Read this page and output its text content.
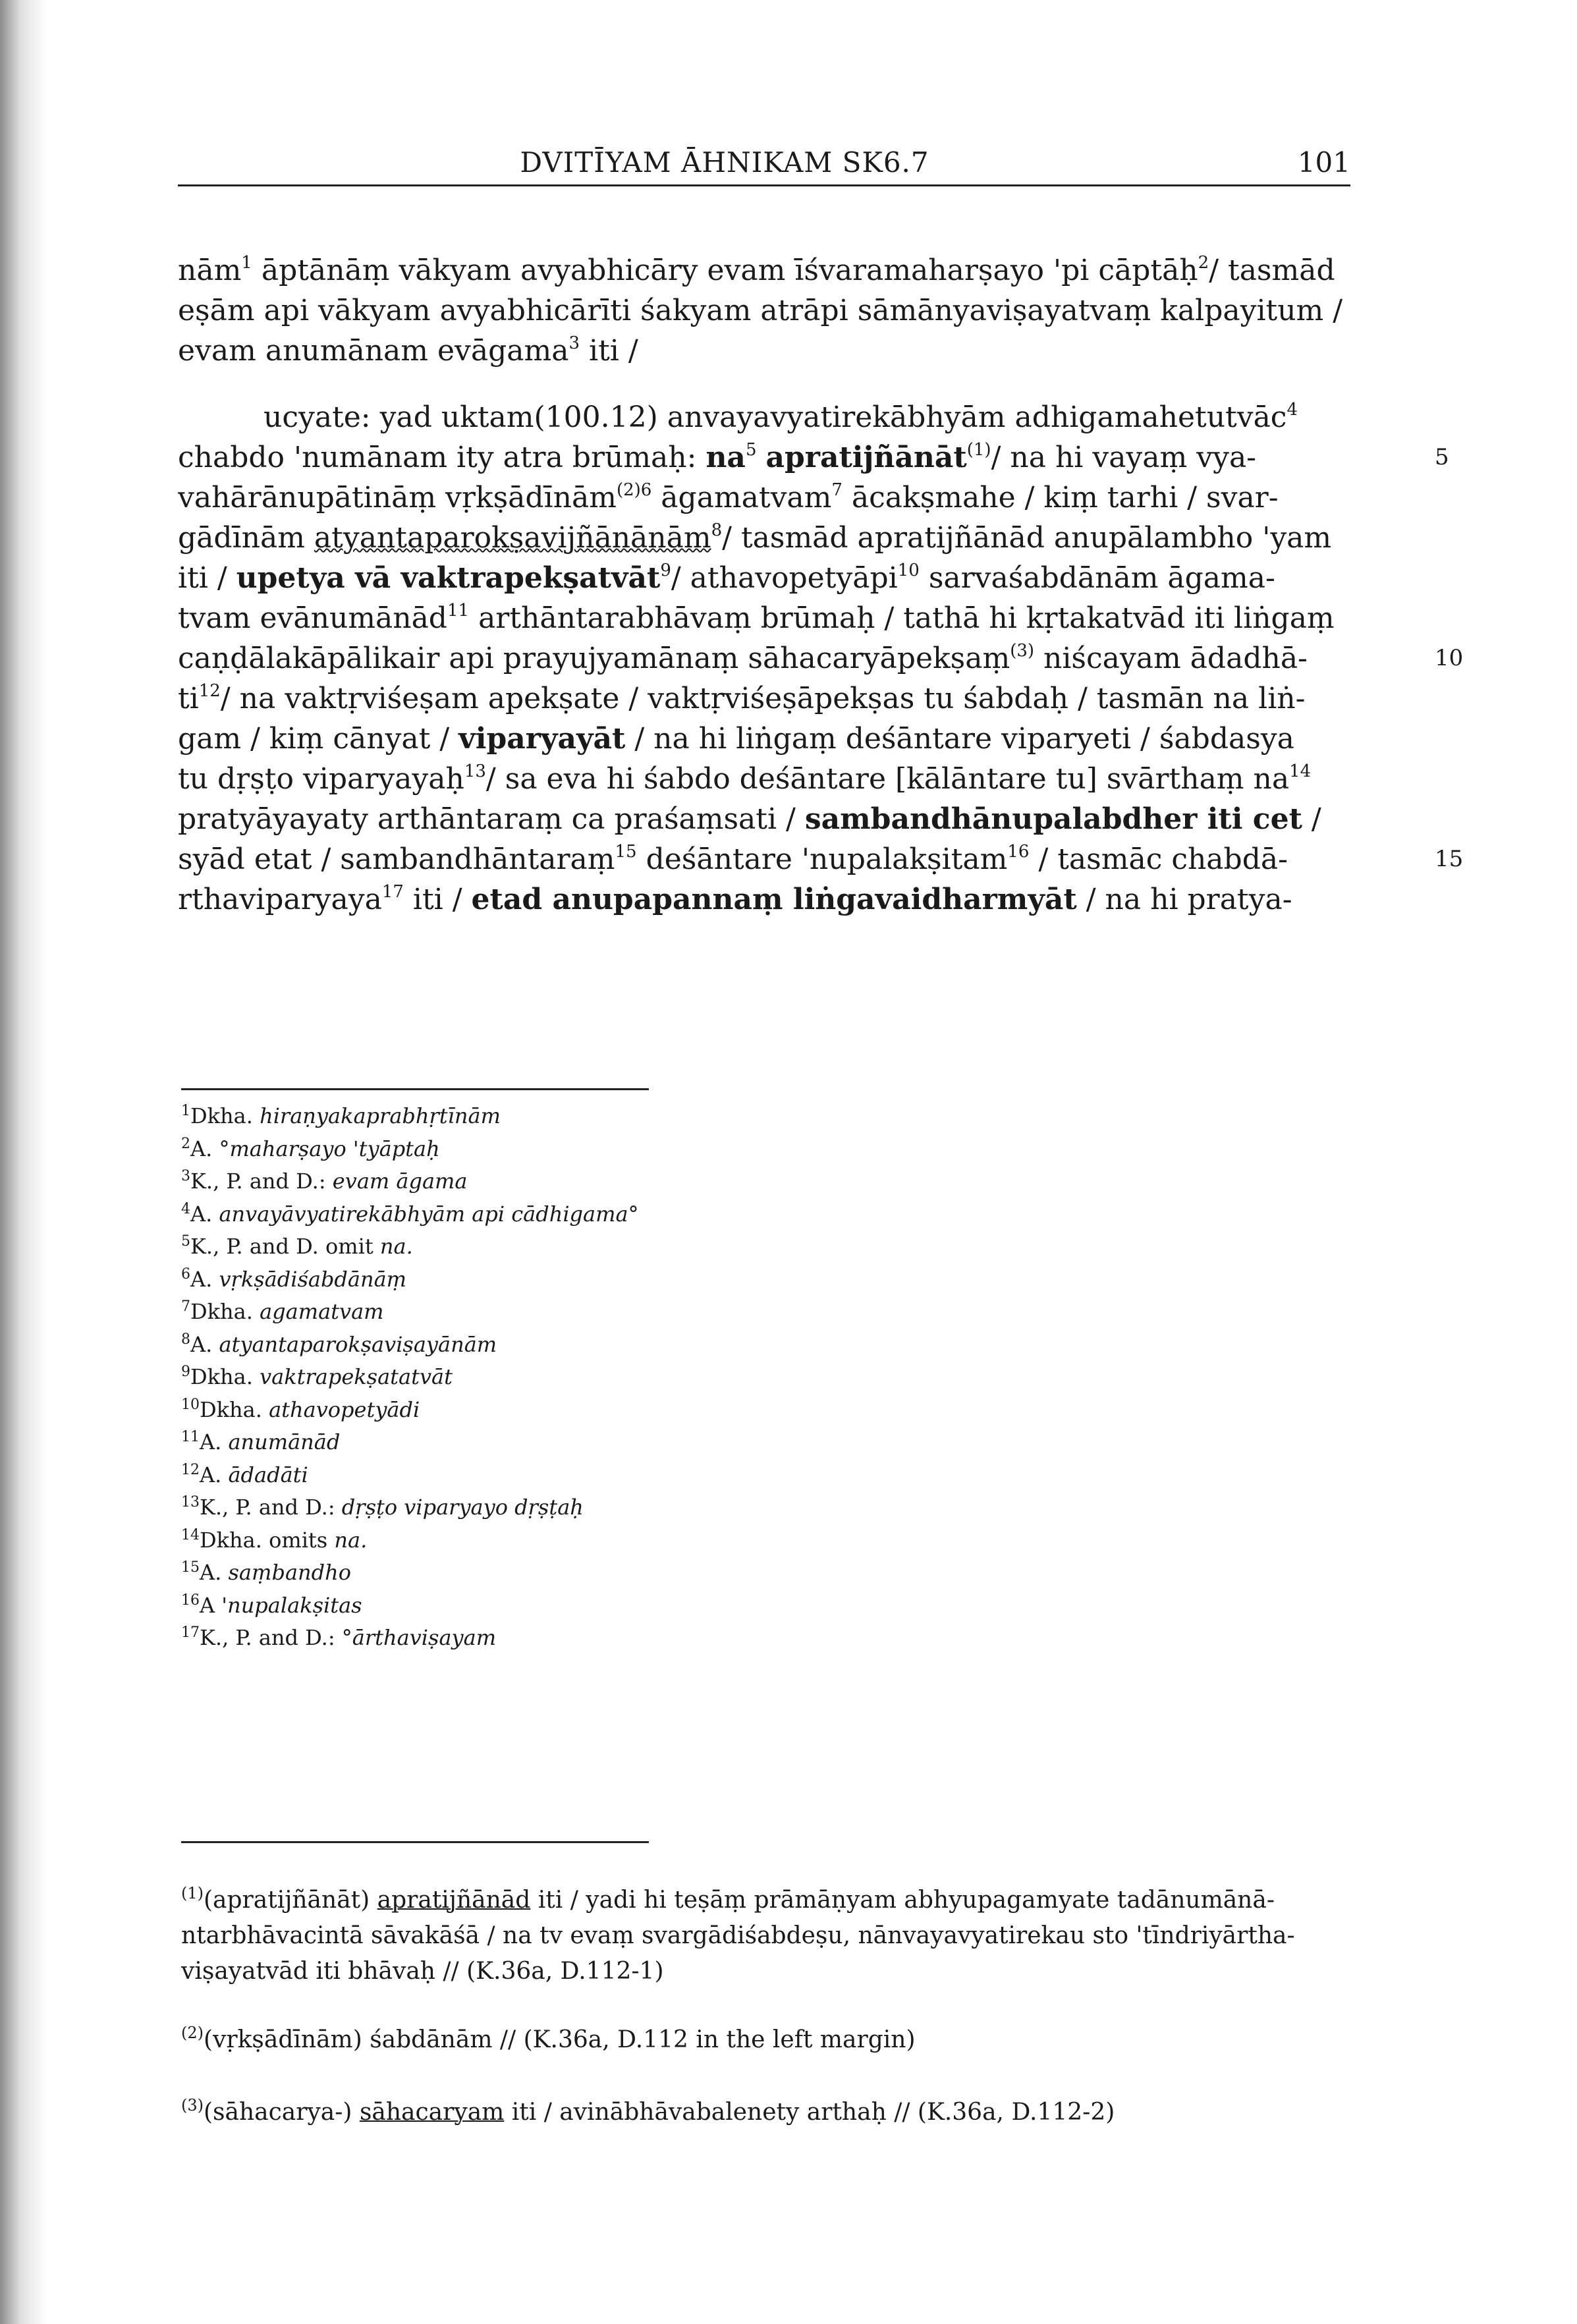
DVITĪYAM ĀHNIKAM SK6.7	101
nām$^1$ āptānāṃ vākyam avyabhicāry evam īśvaramaharṣayo 'pi cāptāḥ$^2$/ tasmād
eṣām api vākyam avyabhicārīti śakyam atrāpi sāmānyaviṣayatvaṃ kalpayitum /
evam anumānam evāgama$^3$ iti /
ucyate: yad uktam(100.12) anvayavyatirekābhyām adhigamahetutvāc$^4$
chabdo 'numānam ity atra brūmaḥ: $na^5$ apratijñānāt$^{(1)}$/ na hi vayaṃ vya-	5
vahārānupātināṃ vṛkṣādīnām$^{(2)6}$ āgamatvam$^7$ ācakṣmahe / kiṃ tarhi / svar-
gādīnām atyantaparokṣavijñānānām$^8$/ tasmād apratijñānād anupālambho 'yam
iti / upetya vā vaktrapekṣatvāt$^9$/ athavopetyāpi$^{10}$ sarvaśabdānām āgama-
tvam evānumānād$^{11}$ arthāntarabhāvaṃ brūmaḥ / tathā hi kṛtakatvād iti liṅgaṃ
caṇḍālakāpālikair api prayujyamānaṃ sāhacaryāpekṣaṃ$^{(3)}$ niścayam ādadhā-	10
$ti^{12}/$ na vaktṛviśeṣam apekṣate / vaktṛviśeṣāpekṣas tu śabdaḥ / tasmān na liṅ-
gam / kiṃ cānyat / viparyayāt / na hi liṅgaṃ deśāntare viparyeti / śabdasya
tu dṛṣṭo viparyayaḥ$^{13}$/ sa eva hi śabdo deśāntare [kālāntare tu] svārthaṃ $na^{14}$
pratyāyayaty arthāntaraṃ ca praśaṃsati / sambandhānupalabdher iti cet /
syād etat / sambandhāntaraṃ$^{15}$ deśāntare 'nupalakṣitam$^{16}$ / tasmāc chabdā-	15
rthaviparyaya$^{17}$ iti / etad anupapannaṃ liṅgavaidharmyāt / na hi pratya-
$^1$Dkha. hiraṇyakaprabhṛtīnām
$^2$A. °maharṣayo 'tyāptaḥ
$^3$K., P. and D.: evam āgama
$^4$A. anvayāvyatirekābhyām api cādhigama°
$^5$K., P. and D. omit na.
$^6$A. vṛkṣādiśabdānāṃ
$^7$Dkha. agamatvam
$^8$A. atyantaparokṣaviṣayānām
$^9$Dkha. vaktrapekṣatatvāt
$^{10}$Dkha. athavopetyādi
$^{11}$A. anumānād
$^{12}$A. ādadāti
$^{13}$K., P. and D.: dṛṣṭo viparyayo dṛṣṭaḥ
$^{14}$Dkha. omits na.
$^{15}$A. saṃbandho
$^{16}$A 'nupalakṣitas
$^{17}$K., P. and D.: °ārthaviṣayam
$^{(1)}$(apratijñānāt) apratijñānād iti / yadi hi teṣāṃ prāmāṇyam abhyupagamyate tadānumānā-
ntarbhāvacintā sāvakāśā / na tv evaṃ svargādiśabdeṣu, nānvayavyatirekau sto 'tīndriyārtha-
viṣayatvād iti bhāvaḥ // (K.36a, D.112-1)
$^{(2)}$(vṛkṣādīnām) śabdānām // (K.36a, D.112 in the left margin)
$^{(3)}$(sāhacarya-) sāhacaryam iti / avinābhāvabalenety arthaḥ // (K.36a, D.112-2)
